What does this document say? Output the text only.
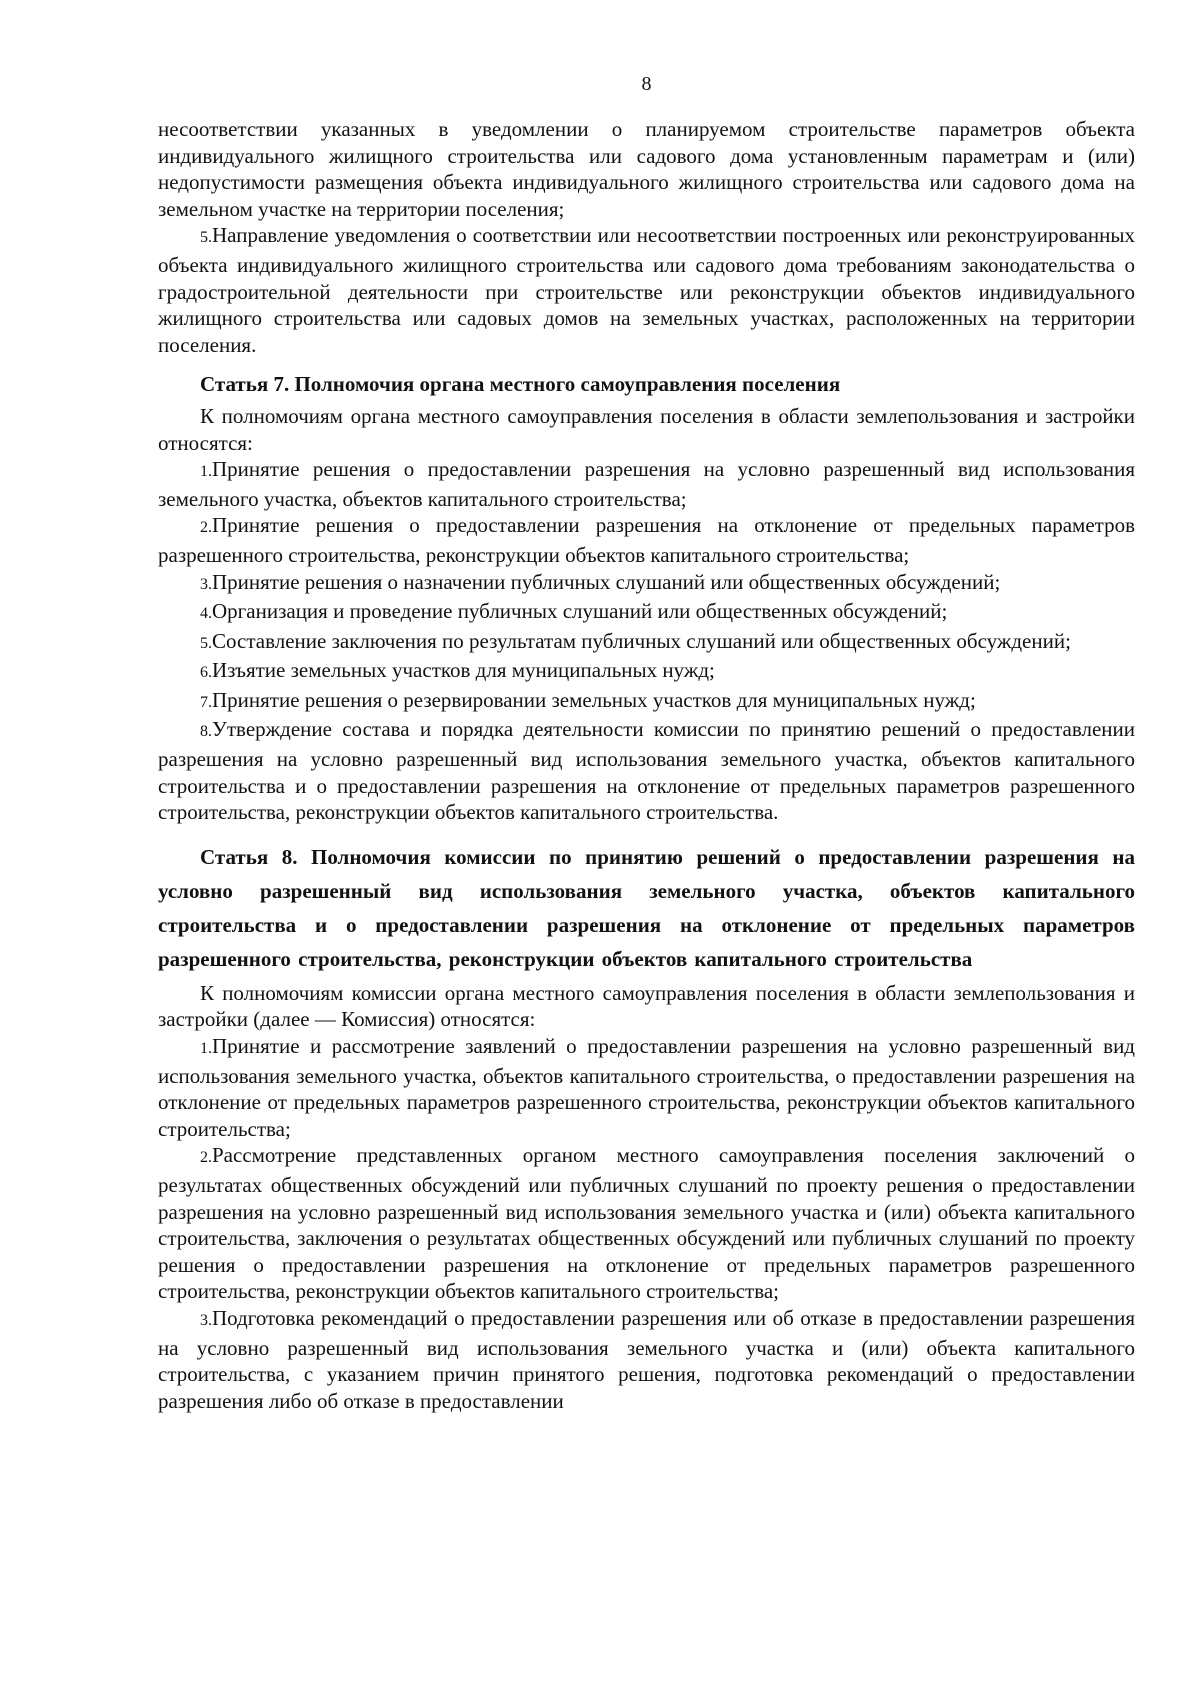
8

несоответствии указанных в уведомлении о планируемом строительстве параметров объекта индивидуального жилищного строительства или садового дома установленным параметрам и (или) недопустимости размещения объекта индивидуального жилищного строительства или садового дома на земельном участке на территории поселения;

5.Направление уведомления о соответствии или несоответствии построенных или реконструированных объекта индивидуального жилищного строительства или садового дома требованиям законодательства о градостроительной деятельности при строительстве или реконструкции объектов индивидуального жилищного строительства или садовых домов на земельных участках, расположенных на территории поселения.

Статья 7. Полномочия органа местного самоуправления поселения

К полномочиям органа местного самоуправления поселения в области землепользования и застройки относятся:

1.Принятие решения о предоставлении разрешения на условно разрешенный вид использования земельного участка, объектов капитального строительства;

2.Принятие решения о предоставлении разрешения на отклонение от предельных параметров разрешенного строительства, реконструкции объектов капитального строительства;

3.Принятие решения о назначении публичных слушаний или общественных обсуждений;

4.Организация и проведение публичных слушаний или общественных обсуждений;

5.Составление заключения по результатам публичных слушаний или общественных обсуждений;

6.Изъятие земельных участков для муниципальных нужд;

7.Принятие решения о резервировании земельных участков для муниципальных нужд;

8.Утверждение состава и порядка деятельности комиссии по принятию решений о предоставлении разрешения на условно разрешенный вид использования земельного участка, объектов капитального строительства и о предоставлении разрешения на отклонение от предельных параметров разрешенного строительства, реконструкции объектов капитального строительства.

Статья 8. Полномочия комиссии по принятию решений о предоставлении разрешения на условно разрешенный вид использования земельного участка, объектов капитального строительства и о предоставлении разрешения на отклонение от предельных параметров разрешенного строительства, реконструкции объектов капитального строительства

К полномочиям комиссии органа местного самоуправления поселения в области землепользования и застройки (далее — Комиссия) относятся:

1.Принятие и рассмотрение заявлений о предоставлении разрешения на условно разрешенный вид использования земельного участка, объектов капитального строительства, о предоставлении разрешения на отклонение от предельных параметров разрешенного строительства, реконструкции объектов капитального строительства;

2.Рассмотрение представленных органом местного самоуправления поселения заключений о результатах общественных обсуждений или публичных слушаний по проекту решения о предоставлении разрешения на условно разрешенный вид использования земельного участка и (или) объекта капитального строительства, заключения о результатах общественных обсуждений или публичных слушаний по проекту решения о предоставлении разрешения на отклонение от предельных параметров разрешенного строительства, реконструкции объектов капитального строительства;

3.Подготовка рекомендаций о предоставлении разрешения или об отказе в предоставлении разрешения на условно разрешенный вид использования земельного участка и (или) объекта капитального строительства, с указанием причин принятого решения, подготовка рекомендаций о предоставлении разрешения либо об отказе в предоставлении
